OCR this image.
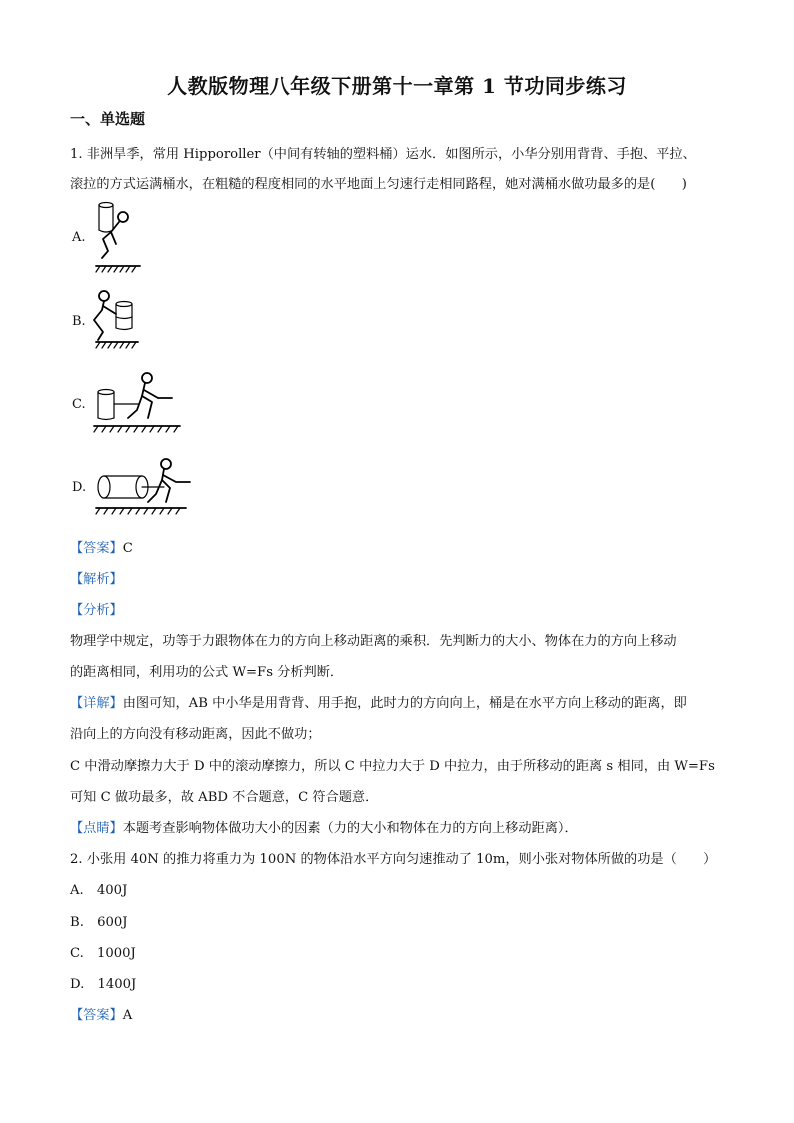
人教版物理八年级下册第十一章第 1 节功同步练习
一、单选题
1. 非洲旱季，常用 Hipporoller（中间有转轴的塑料桶）运水．如图所示，小华分别用背背、手抱、平拉、
滚拉的方式运满桶水，在粗糙的程度相同的水平地面上匀速行走相同路程，她对满桶水做功最多的是(　　)
A.
B.
C.
D.
【答案】C
【解析】
【分析】
物理学中规定，功等于力跟物体在力的方向上移动距离的乘积．先判断力的大小、物体在力的方向上移动
的距离相同，利用功的公式 W=Fs 分析判断．
【详解】由图可知，AB 中小华是用背背、用手抱，此时力的方向向上，桶是在水平方向上移动的距离，即
沿向上的方向没有移动距离，因此不做功；
C 中滑动摩擦力大于 D 中的滚动摩擦力，所以 C 中拉力大于 D 中拉力，由于所移动的距离 s 相同，由 W=Fs
可知 C 做功最多，故 ABD 不合题意，C 符合题意．
【点睛】本题考查影响物体做功大小的因素（力的大小和物体在力的方向上移动距离）．
2. 小张用 40N 的推力将重力为 100N 的物体沿水平方向匀速推动了 10m，则小张对物体所做的功是（　　）
A.　400J
B.　600J
C.　1000J
D.　1400J
【答案】A
